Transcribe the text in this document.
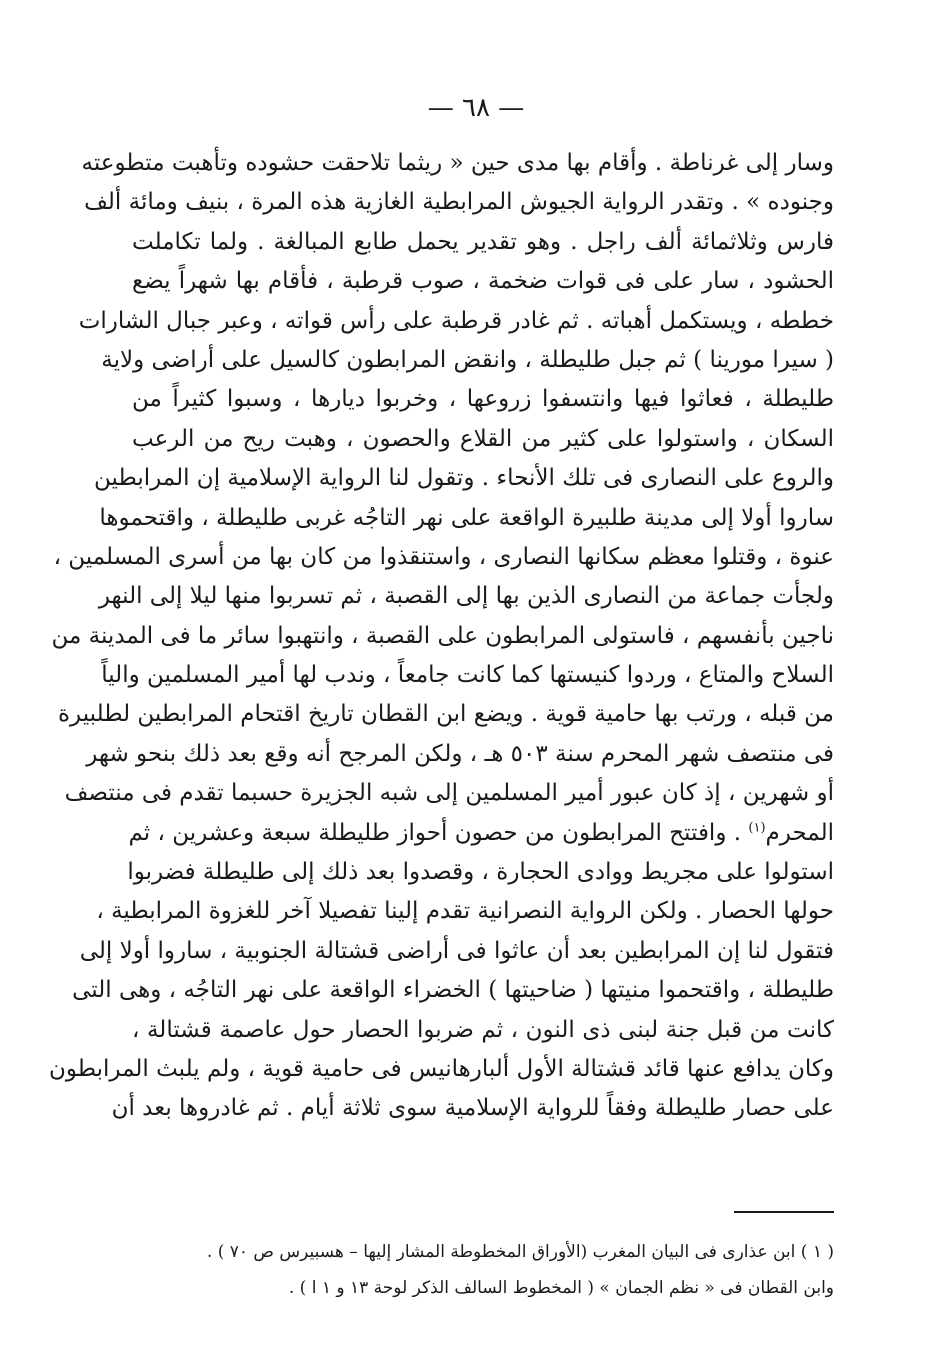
— ٦٨ —
وسار إلى غرناطة . وأقام بها مدى حين « ريثما تلاحقت حشوده وتأهبت متطوعته
وجنوده » . وتقدر الرواية الجيوش المرابطية الغازية هذه المرة ، بنيف ومائة ألف
فارس وثلاثمائة ألف راجل . وهو تقدير يحمل طابع المبالغة . ولما تكاملت
الحشود ، سار على فى قوات ضخمة ، صوب قرطبة ، فأقام بها شهراً يضع
خططه ، ويستكمل أهباته . ثم غادر قرطبة على رأس قواته ، وعبر جبال الشارات
( سيرا مورينا ) ثم جبل طليطلة ، وانقض المرابطون كالسيل على أراضى ولاية
طليطلة ، فعاثوا فيها وانتسفوا زروعها ، وخربوا ديارها ، وسبوا كثيراً من
السكان ، واستولوا على كثير من القلاع والحصون ، وهبت ريح من الرعب
والروع على النصارى فى تلك الأنحاء . وتقول لنا الرواية الإسلامية إن المرابطين
ساروا أولا إلى مدينة طلبيرة الواقعة على نهر التاجُه غربى طليطلة ، واقتحموها
عنوة ، وقتلوا معظم سكانها النصارى ، واستنقذوا من كان بها من أسرى المسلمين ،
ولجأت جماعة من النصارى الذين بها إلى القصبة ، ثم تسربوا منها ليلا إلى النهر
ناجين بأنفسهم ، فاستولى المرابطون على القصبة ، وانتهبوا سائر ما فى المدينة من
السلاح والمتاع ، وردوا كنيستها كما كانت جامعاً ، وندب لها أمير المسلمين والياً
من قبله ، ورتب بها حامية قوية . ويضع ابن القطان تاريخ اقتحام المرابطين لطلبيرة
فى منتصف شهر المحرم سنة ٥٠٣ هـ ، ولكن المرجح أنه وقع بعد ذلك بنحو شهر
أو شهرين ، إذ كان عبور أمير المسلمين إلى شبه الجزيرة حسبما تقدم فى منتصف
المحرم$^{(١)}$ . وافتتح المرابطون من حصون أحواز طليطلة سبعة وعشرين ، ثم
استولوا على مجريط ووادى الحجارة ، وقصدوا بعد ذلك إلى طليطلة فضربوا
حولها الحصار . ولكن الرواية النصرانية تقدم إلينا تفصيلا آخر للغزوة المرابطية ،
فتقول لنا إن المرابطين بعد أن عاثوا فى أراضى قشتالة الجنوبية ، ساروا أولا إلى
طليطلة ، واقتحموا منيتها ( ضاحيتها ) الخضراء الواقعة على نهر التاجُه ، وهى التى
كانت من قبل جنة لبنى ذى النون ، ثم ضربوا الحصار حول عاصمة قشتالة ،
وكان يدافع عنها قائد قشتالة الأول ألبارهانيس فى حامية قوية ، ولم يلبث المرابطون
على حصار طليطلة وفقاً للرواية الإسلامية سوى ثلاثة أيام . ثم غادروها بعد أن
( ١ ) ابن عذارى فى البيان المغرب (الأوراق المخطوطة المشار إليها – هسبيرس ص ٧٠ ) .
وابن القطان فى « نظم الجمان » ( المخطوط السالف الذكر لوحة ١٣ و ١ ا ) .
